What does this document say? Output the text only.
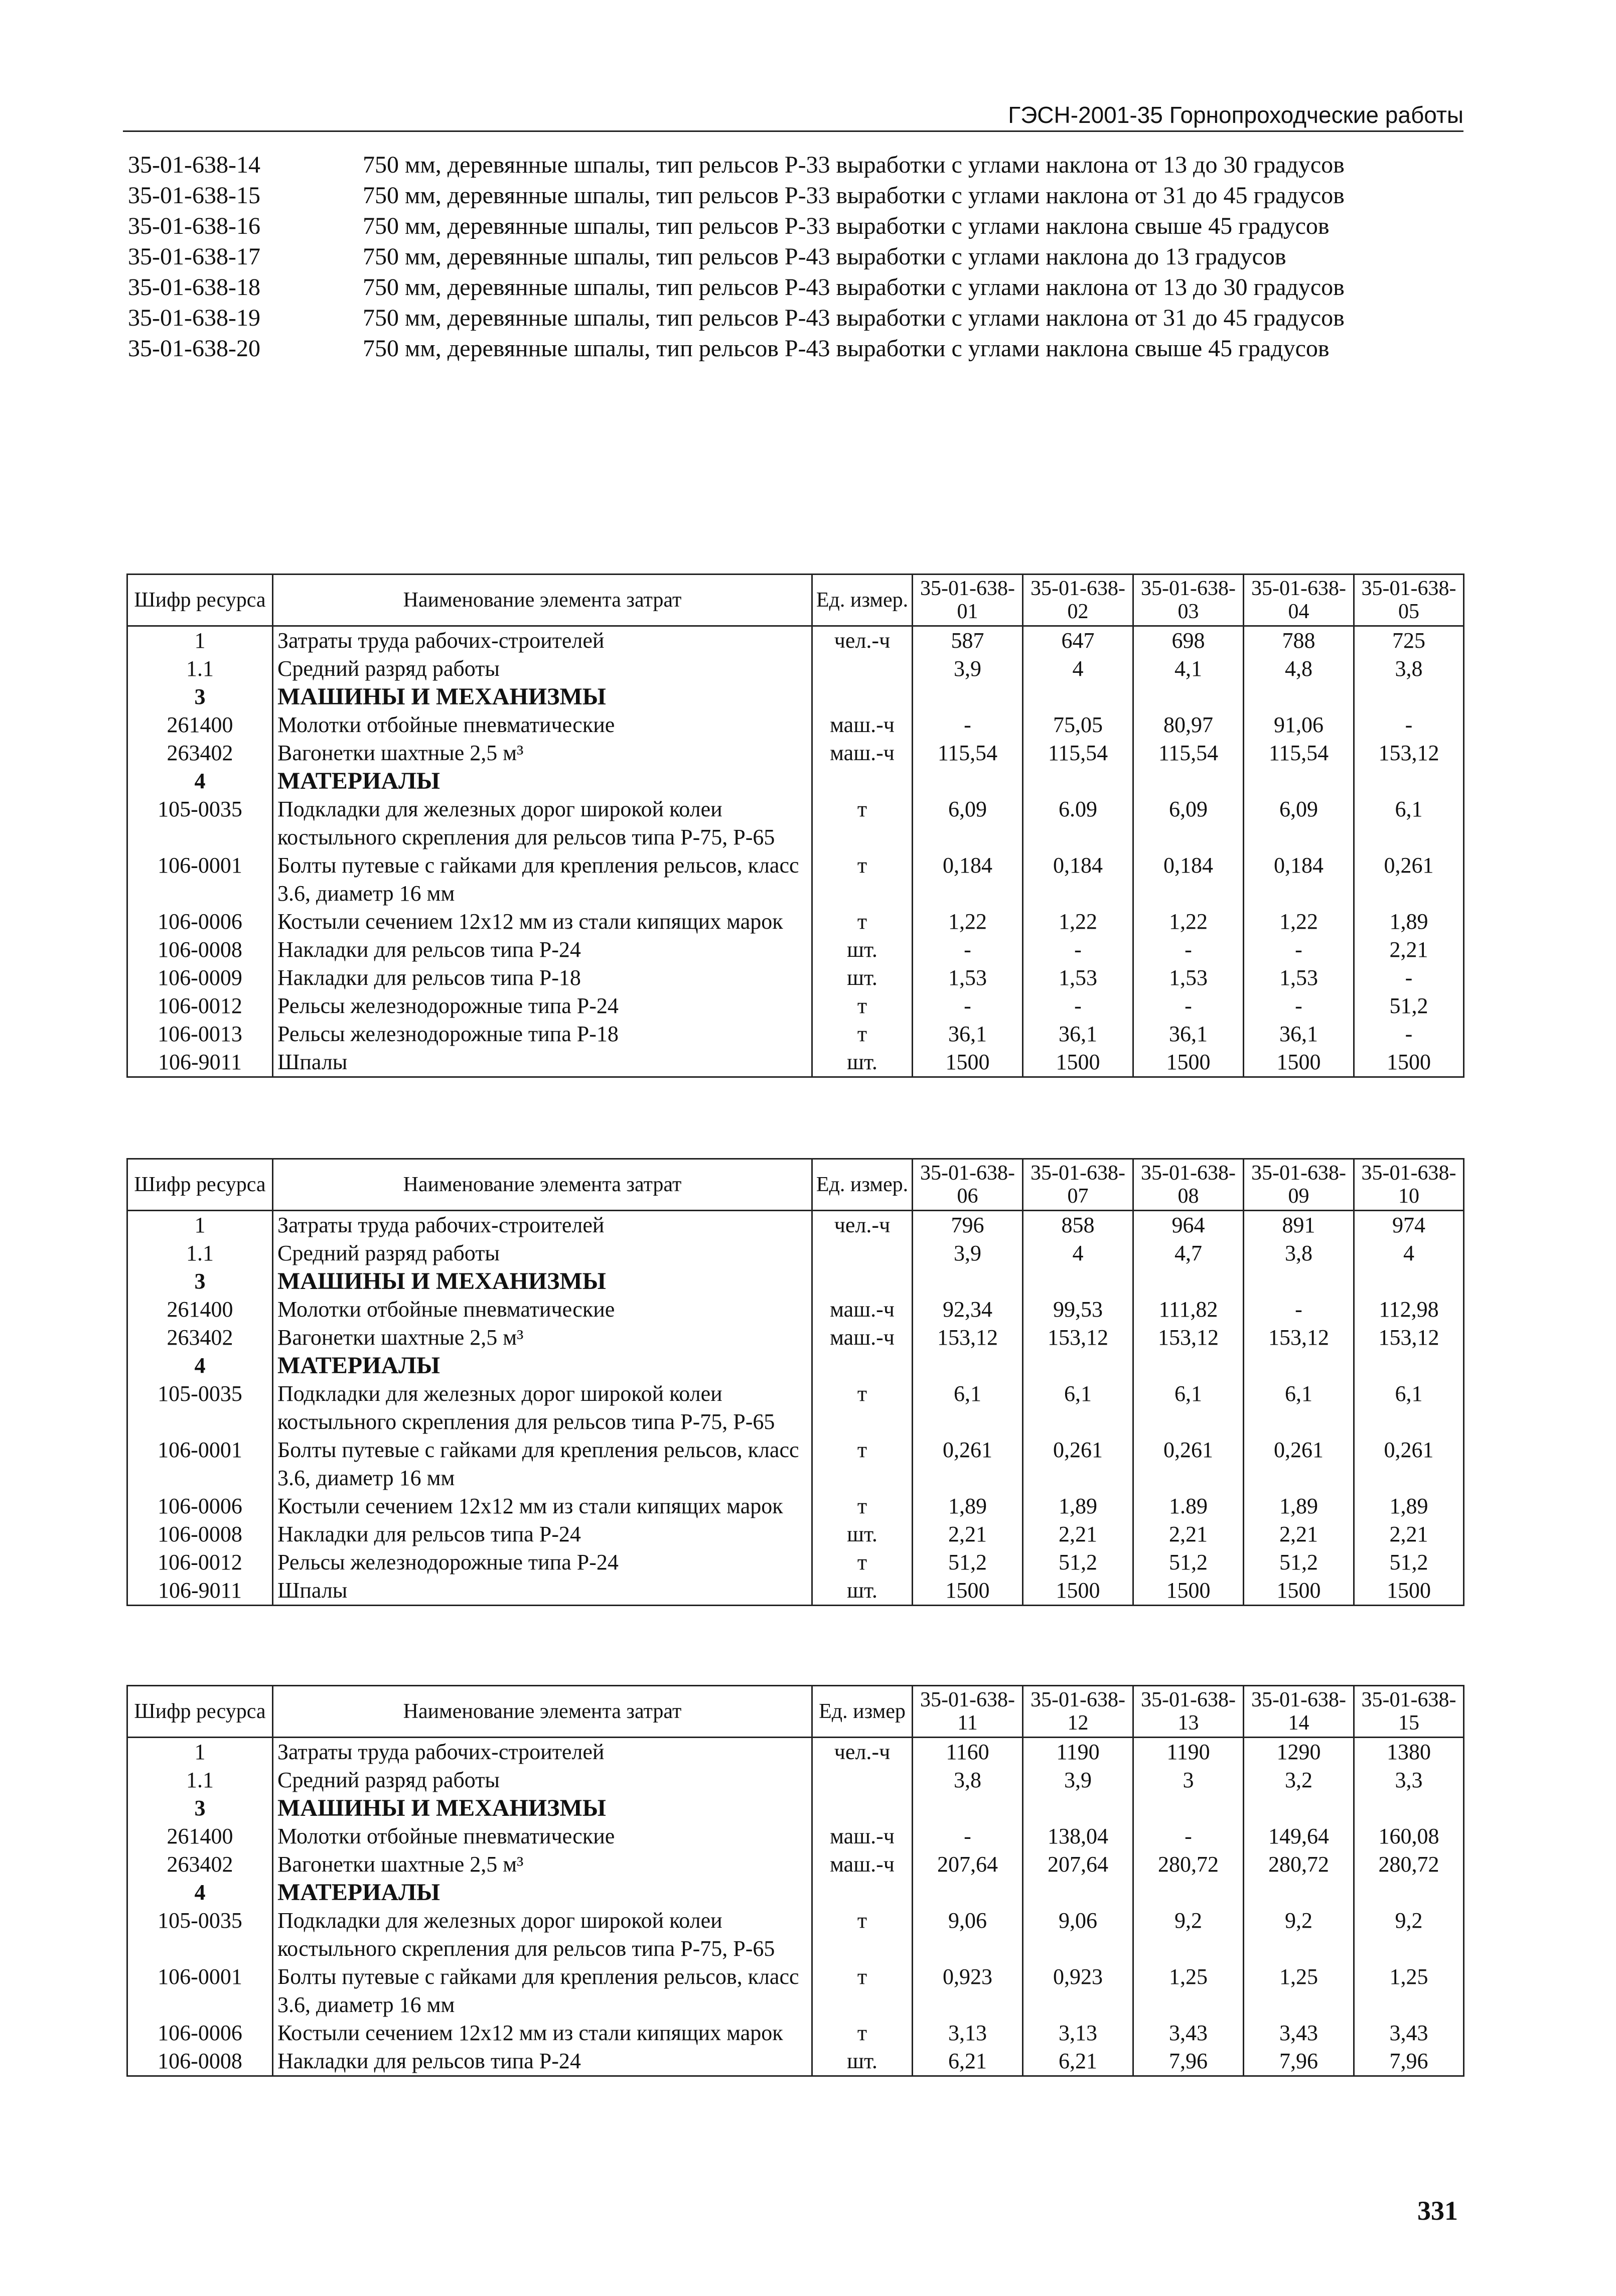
ГЭСН-2001-35 Горнопроходческие работы
35-01-638-14	750 мм, деревянные шпалы, тип рельсов Р-33 выработки с углами наклона от 13 до 30 градусов
35-01-638-15	750 мм, деревянные шпалы, тип рельсов Р-33 выработки с углами наклона от 31 до 45 градусов
35-01-638-16	750 мм, деревянные шпалы, тип рельсов Р-33 выработки с углами наклона свыше 45 градусов
35-01-638-17	750 мм, деревянные шпалы, тип рельсов Р-43 выработки с углами наклона до 13 градусов
35-01-638-18	750 мм, деревянные шпалы, тип рельсов Р-43 выработки с углами наклона от 13 до 30 градусов
35-01-638-19	750 мм, деревянные шпалы, тип рельсов Р-43 выработки с углами наклона от 31 до 45 градусов
35-01-638-20	750 мм, деревянные шпалы, тип рельсов Р-43 выработки с углами наклона свыше 45 градусов
Шифр ресурса	Наименование элемента затрат	Ед. измер.	35-01-638-01	35-01-638-02	35-01-638-03	35-01-638-04	35-01-638-05
1	Затраты труда рабочих-строителей	чел.-ч	587	647	698	788	725
1.1	Средний разряд работы		3,9	4	4,1	4,8	3,8
3	МАШИНЫ И МЕХАНИЗМЫ						
261400	Молотки отбойные пневматические	маш.-ч	-	75,05	80,97	91,06	-
263402	Вагонетки шахтные 2,5 м³	маш.-ч	115,54	115,54	115,54	115,54	153,12
4	МАТЕРИАЛЫ						
105-0035	Подкладки для железных дорог широкой колеи костыльного скрепления для рельсов типа Р-75, Р-65	т	6,09	6.09	6,09	6,09	6,1
106-0001	Болты путевые с гайками для крепления рельсов, класс 3.6, диаметр 16 мм	т	0,184	0,184	0,184	0,184	0,261
106-0006	Костыли сечением 12х12 мм из стали кипящих марок	т	1,22	1,22	1,22	1,22	1,89
106-0008	Накладки для рельсов типа Р-24	шт.	-	-	-	-	2,21
106-0009	Накладки для рельсов типа Р-18	шт.	1,53	1,53	1,53	1,53	-
106-0012	Рельсы железнодорожные типа Р-24	т	-	-	-	-	51,2
106-0013	Рельсы железнодорожные типа Р-18	т	36,1	36,1	36,1	36,1	-
106-9011	Шпалы	шт.	1500	1500	1500	1500	1500
Шифр ресурса	Наименование элемента затрат	Ед. измер.	35-01-638-06	35-01-638-07	35-01-638-08	35-01-638-09	35-01-638-10
1	Затраты труда рабочих-строителей	чел.-ч	796	858	964	891	974
1.1	Средний разряд работы		3,9	4	4,7	3,8	4
3	МАШИНЫ И МЕХАНИЗМЫ						
261400	Молотки отбойные пневматические	маш.-ч	92,34	99,53	111,82	-	112,98
263402	Вагонетки шахтные 2,5 м³	маш.-ч	153,12	153,12	153,12	153,12	153,12
4	МАТЕРИАЛЫ						
105-0035	Подкладки для железных дорог широкой колеи костыльного скрепления для рельсов типа Р-75, Р-65	т	6,1	6,1	6,1	6,1	6,1
106-0001	Болты путевые с гайками для крепления рельсов, класс 3.6, диаметр 16 мм	т	0,261	0,261	0,261	0,261	0,261
106-0006	Костыли сечением 12х12 мм из стали кипящих марок	т	1,89	1,89	1.89	1,89	1,89
106-0008	Накладки для рельсов типа Р-24	шт.	2,21	2,21	2,21	2,21	2,21
106-0012	Рельсы железнодорожные типа Р-24	т	51,2	51,2	51,2	51,2	51,2
106-9011	Шпалы	шт.	1500	1500	1500	1500	1500
Шифр ресурса	Наименование элемента затрат	Ед. измер	35-01-638-11	35-01-638-12	35-01-638-13	35-01-638-14	35-01-638-15
1	Затраты труда рабочих-строителей	чел.-ч	1160	1190	1190	1290	1380
1.1	Средний разряд работы		3,8	3,9	3	3,2	3,3
3	МАШИНЫ И МЕХАНИЗМЫ						
261400	Молотки отбойные пневматические	маш.-ч	-	138,04	-	149,64	160,08
263402	Вагонетки шахтные 2,5 м³	маш.-ч	207,64	207,64	280,72	280,72	280,72
4	МАТЕРИАЛЫ						
105-0035	Подкладки для железных дорог широкой колеи костыльного скрепления для рельсов типа Р-75, Р-65	т	9,06	9,06	9,2	9,2	9,2
106-0001	Болты путевые с гайками для крепления рельсов, класс 3.6, диаметр 16 мм	т	0,923	0,923	1,25	1,25	1,25
106-0006	Костыли сечением 12х12 мм из стали кипящих марок	т	3,13	3,13	3,43	3,43	3,43
106-0008	Накладки для рельсов типа Р-24	шт.	6,21	6,21	7,96	7,96	7,96
331
